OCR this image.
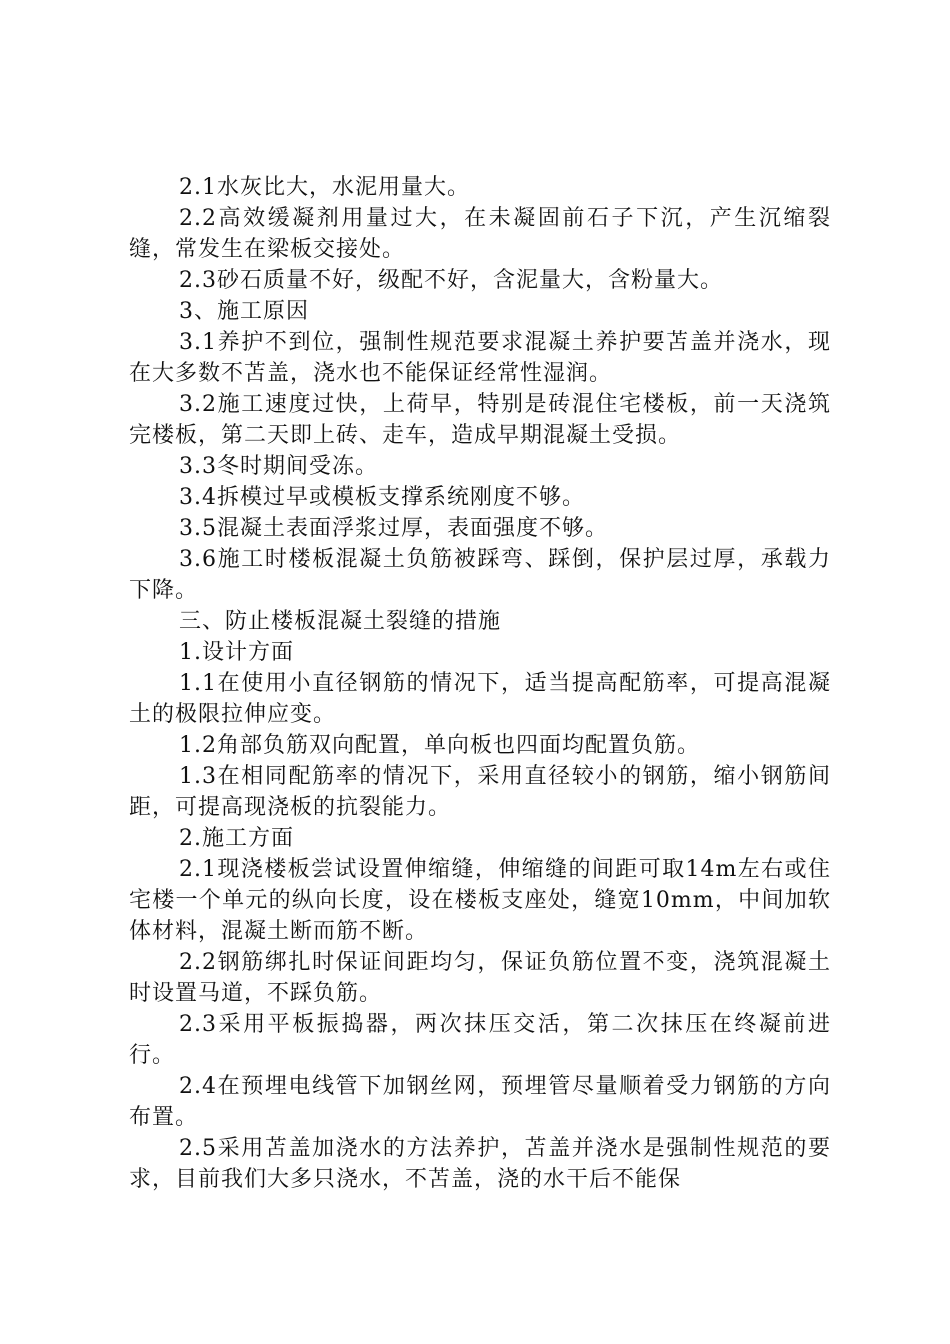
2.1水灰比大，水泥用量大。

2.2高效缓凝剂用量过大，在未凝固前石子下沉，产生沉缩裂缝，常发生在梁板交接处。

2.3砂石质量不好，级配不好，含泥量大，含粉量大。

3、施工原因

3.1养护不到位，强制性规范要求混凝土养护要苫盖并浇水，现在大多数不苫盖，浇水也不能保证经常性湿润。

3.2施工速度过快，上荷早，特别是砖混住宅楼板，前一天浇筑完楼板，第二天即上砖、走车，造成早期混凝土受损。

3.3冬时期间受冻。

3.4拆模过早或模板支撑系统刚度不够。

3.5混凝土表面浮浆过厚，表面强度不够。

3.6施工时楼板混凝土负筋被踩弯、踩倒，保护层过厚，承载力下降。

三、防止楼板混凝土裂缝的措施

1.设计方面

1.1在使用小直径钢筋的情况下，适当提高配筋率，可提高混凝土的极限拉伸应变。

1.2角部负筋双向配置，单向板也四面均配置负筋。

1.3在相同配筋率的情况下，采用直径较小的钢筋，缩小钢筋间距，可提高现浇板的抗裂能力。

2.施工方面

2.1现浇楼板尝试设置伸缩缝，伸缩缝的间距可取14m左右或住宅楼一个单元的纵向长度，设在楼板支座处，缝宽10mm，中间加软体材料，混凝土断而筋不断。

2.2钢筋绑扎时保证间距均匀，保证负筋位置不变，浇筑混凝土时设置马道，不踩负筋。

2.3采用平板振捣器，两次抹压交活，第二次抹压在终凝前进行。

2.4在预埋电线管下加钢丝网，预埋管尽量顺着受力钢筋的方向布置。

2.5采用苫盖加浇水的方法养护，苫盖并浇水是强制性规范的要求，目前我们大多只浇水，不苫盖，浇的水干后不能保
